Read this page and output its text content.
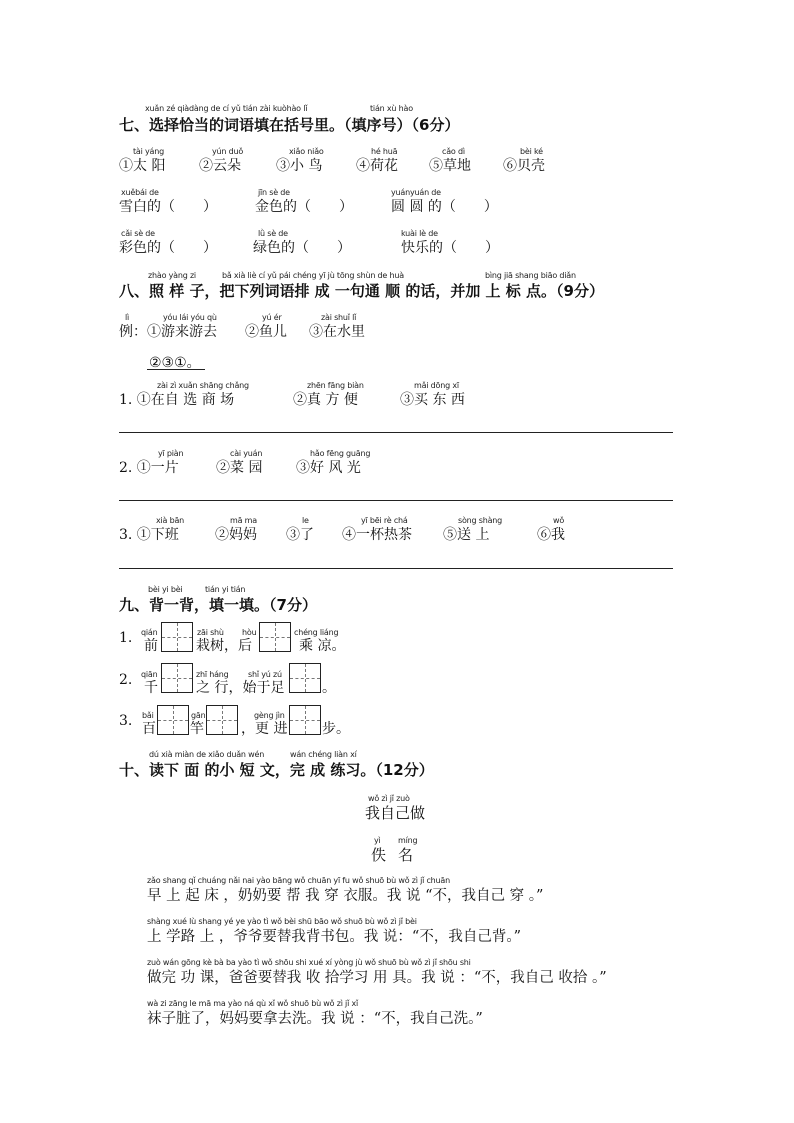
xuǎn zé qiàdàng de cí yǔ tián zài kuòhào lǐ	tián xù hào
七、选择恰当的词语填在括号里。（填序号）（6分）
tài yáng	yún duǒ	xiǎo niǎo	hé huā	cǎo dì	bèi ké
①太 阳 ②云朵	③小 鸟 ④荷花 ⑤草地 ⑥贝壳
xuěbái de	jīn sè de	yuányuán de
雪白的（　　）	金色的（　　）	圆 圆 的（　　）
cǎi sè de	lǜ sè de	kuài lè de
彩色的（　　）	绿色的（　　）	快乐的（　　）
zhào yàng zi	bǎ xià liè cí yǔ pái chéng yī jù tōng shùn de huà	bìng jiā shang biāo diǎn
八、照 样 子，把下列词语排 成 一句通 顺 的话，并加 上 标 点。（9分）
lì	yóu lái yóu qù	yú ér	zài shuǐ lǐ
例：①游来游去 ②鱼儿 ③在水里
②③①。
zài zì xuǎn shāng chǎng	zhēn fāng biàn	mǎi dōng xī
1. ①在自 选 商 场	②真 方 便	③买 东 西
yī piàn	cài yuán	hǎo fēng guāng
2. ①一片	②菜 园 ③好 风 光
xià bān	mā ma	le	yī bēi rè chá	sòng shàng	wǒ
3. ①下班	②妈妈 ③了 ④一杯热茶 ⑤送 上	⑥我
bèi yi bèi	tián yi tián
九、背一背，填一填。（7分）
1. qián
前
zāi shù
栽树，后
hòu	chéng liáng
乘 凉。
2. qiān
千
zhī háng
之 行，始于足
shǐ yú zú
。
3. bǎi
百
gān
竿
gèng jìn
，更 进 步。
dú xià miàn de xiǎo duǎn wén	wán chéng liàn xí
十、读下 面 的小 短 文，完 成 练习。（12分）
wǒ zì jǐ zuò
我自己做
yì míng
佚 名
zǎo shang qǐ chuáng nǎi nai yào bāng wǒ chuān yī fu wǒ shuō bù wǒ zì jǐ chuān
早 上 起 床 ，奶奶要 帮 我 穿 衣服。我 说 “不，我自己 穿 。”
shàng xué lù shang yé ye yào tì wǒ bèi shū bāo wǒ shuō bù wǒ zì jǐ bèi
上 学路 上 ，爷爷要替我背书包。我 说：“不，我自己背。”
zuò wán gōng kè bà ba yào tì wǒ shōu shi xué xí yòng jù wǒ shuō bù wǒ zì jǐ shōu shi
做完 功 课，爸爸要替我 收 拾学习 用 具。我 说 ：“不，我自己 收拾 。”
wà zi zāng le mā ma yào ná qù xǐ wǒ shuō bù wǒ zì jǐ xǐ
袜子脏了，妈妈要拿去洗。我 说 ：“不，我自己洗。”
